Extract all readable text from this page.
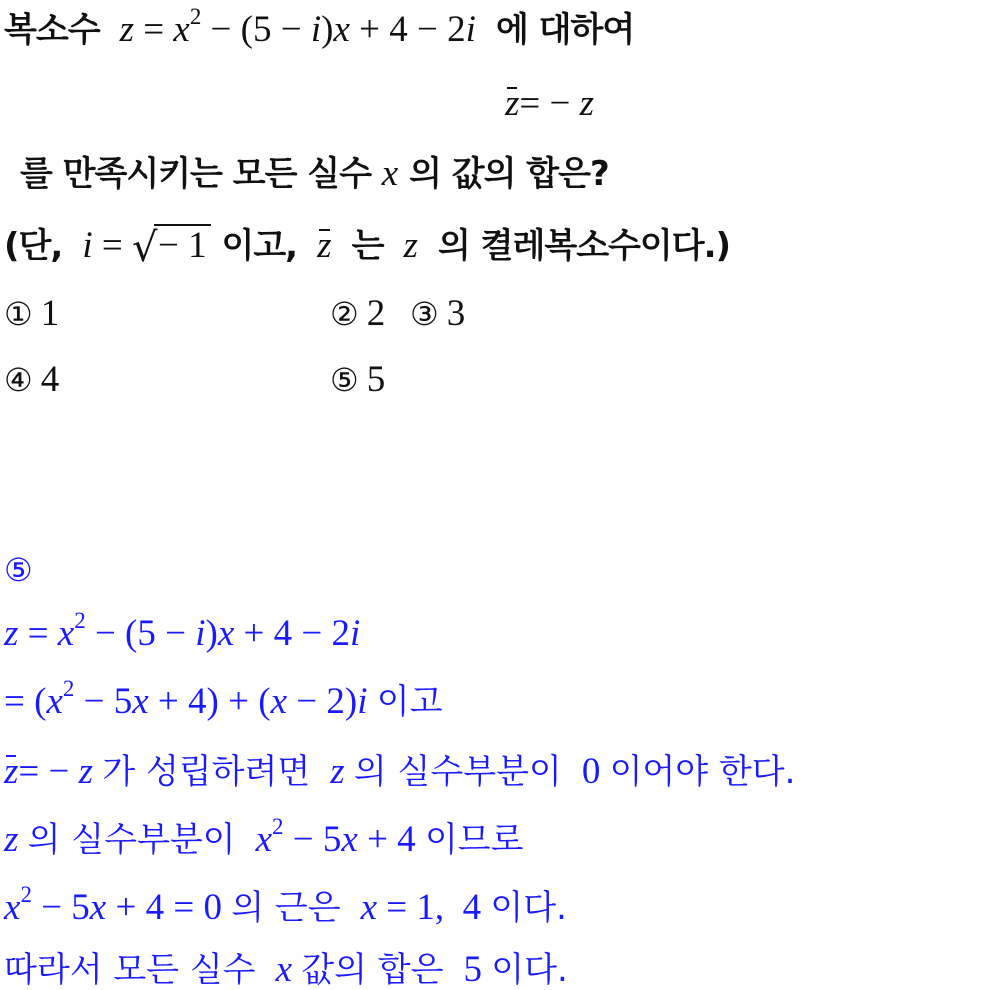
복소수 $z = x^2 - (5 - i)x + 4 - 2i$ 에 대하여
z= − z
를 만족시키는 모든 실수 x 의 값의 합은?
(단, i = √ − 1 이고, z 는 z 의 켤레복소수이다.)
① 1	② 2 ③ 3
④ 4	⑤ 5
⑤
$z = x^2 - (5 - i)x + 4 - 2i$
= $(x^2 - 5x + 4) + (x - 2)i$ 이고
z= − z 가 성립하려면 z 의 실수부분이 0 이어야 한다.
z 의 실수부분이 $x^2 - 5x + 4$ 이므로
$x^2 - 5x + 4 = 0$ 의 근은 x = 1,  4 이다.
따라서 모든 실수 x 값의 합은 5 이다.
